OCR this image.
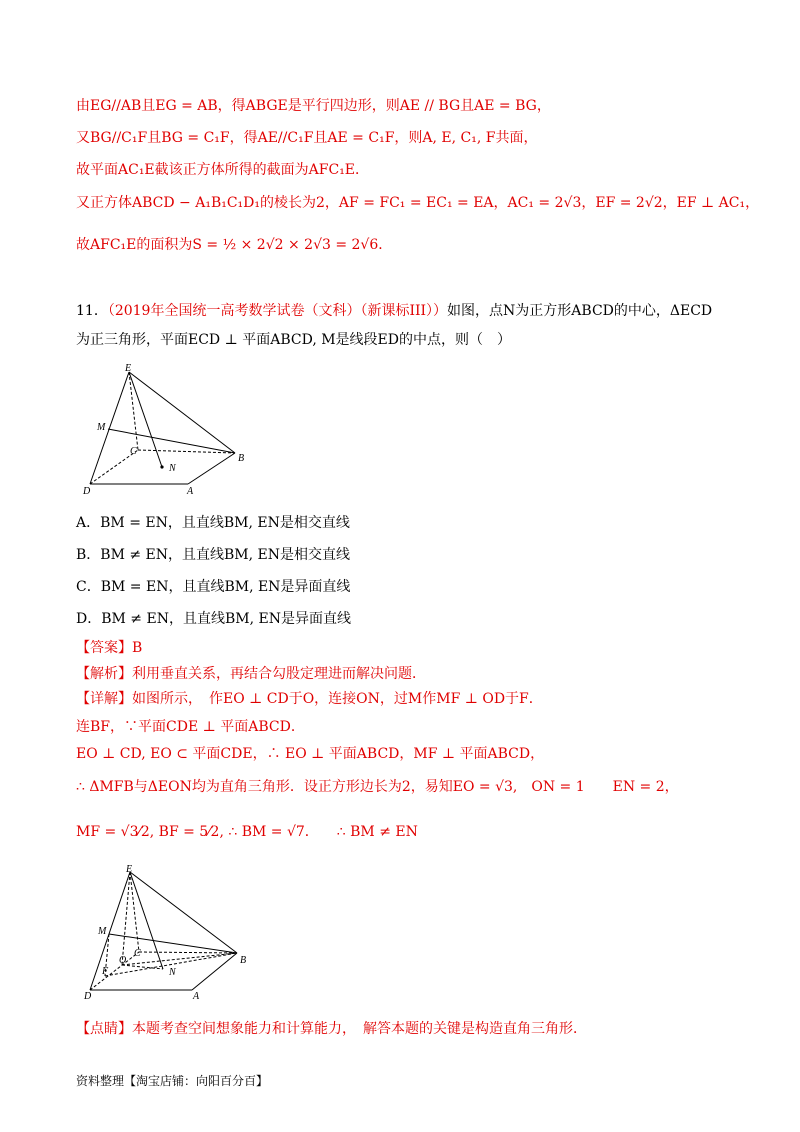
由EG//AB且EG = AB，得ABGE是平行四边形，则AE // BG且AE = BG，
又BG//C₁F且BG = C₁F，得AE//C₁F且AE = C₁F，则A, E, C₁, F共面，
故平面AC₁E截该正方体所得的截面为AFC₁E．
又正方体ABCD − A₁B₁C₁D₁的棱长为2，AF = FC₁ = EC₁ = EA，AC₁ = 2√3，EF = 2√2，EF ⊥ AC₁，
故AFC₁E的面积为S = ½ × 2√2 × 2√3 = 2√6．
11．（2019年全国统一高考数学试卷（文科）（新课标III））如图，点N为正方形ABCD的中心，ΔECD
为正三角形，平面ECD ⊥ 平面ABCD, M是线段ED的中点，则（　）
E
M
C
N
B
D	A
A．BM = EN，且直线BM, EN是相交直线
B．BM ≠ EN，且直线BM, EN是相交直线
C．BM = EN，且直线BM, EN是异面直线
D．BM ≠ EN，且直线BM, EN是异面直线
【答案】B
【解析】利用垂直关系，再结合勾股定理进而解决问题．
【详解】如图所示，　作EO ⊥ CD于O，连接ON，过M作MF ⊥ OD于F．
连BF，∵平面CDE ⊥ 平面ABCD．
EO ⊥ CD, EO ⊂ 平面CDE，∴ EO ⊥ 平面ABCD，MF ⊥ 平面ABCD，
∴ ΔMFB与ΔEON均为直角三角形．设正方形边长为2，易知EO = √3,　ON = 1　　EN = 2，
MF = √3⁄2, BF = 5⁄2, ∴ BM = √7． ∴ BM ≠ EN
E
M
C
O
F	N
B
D	A
【点睛】本题考查空间想象能力和计算能力，　解答本题的关键是构造直角三角形．
资料整理【淘宝店铺：向阳百分百】
